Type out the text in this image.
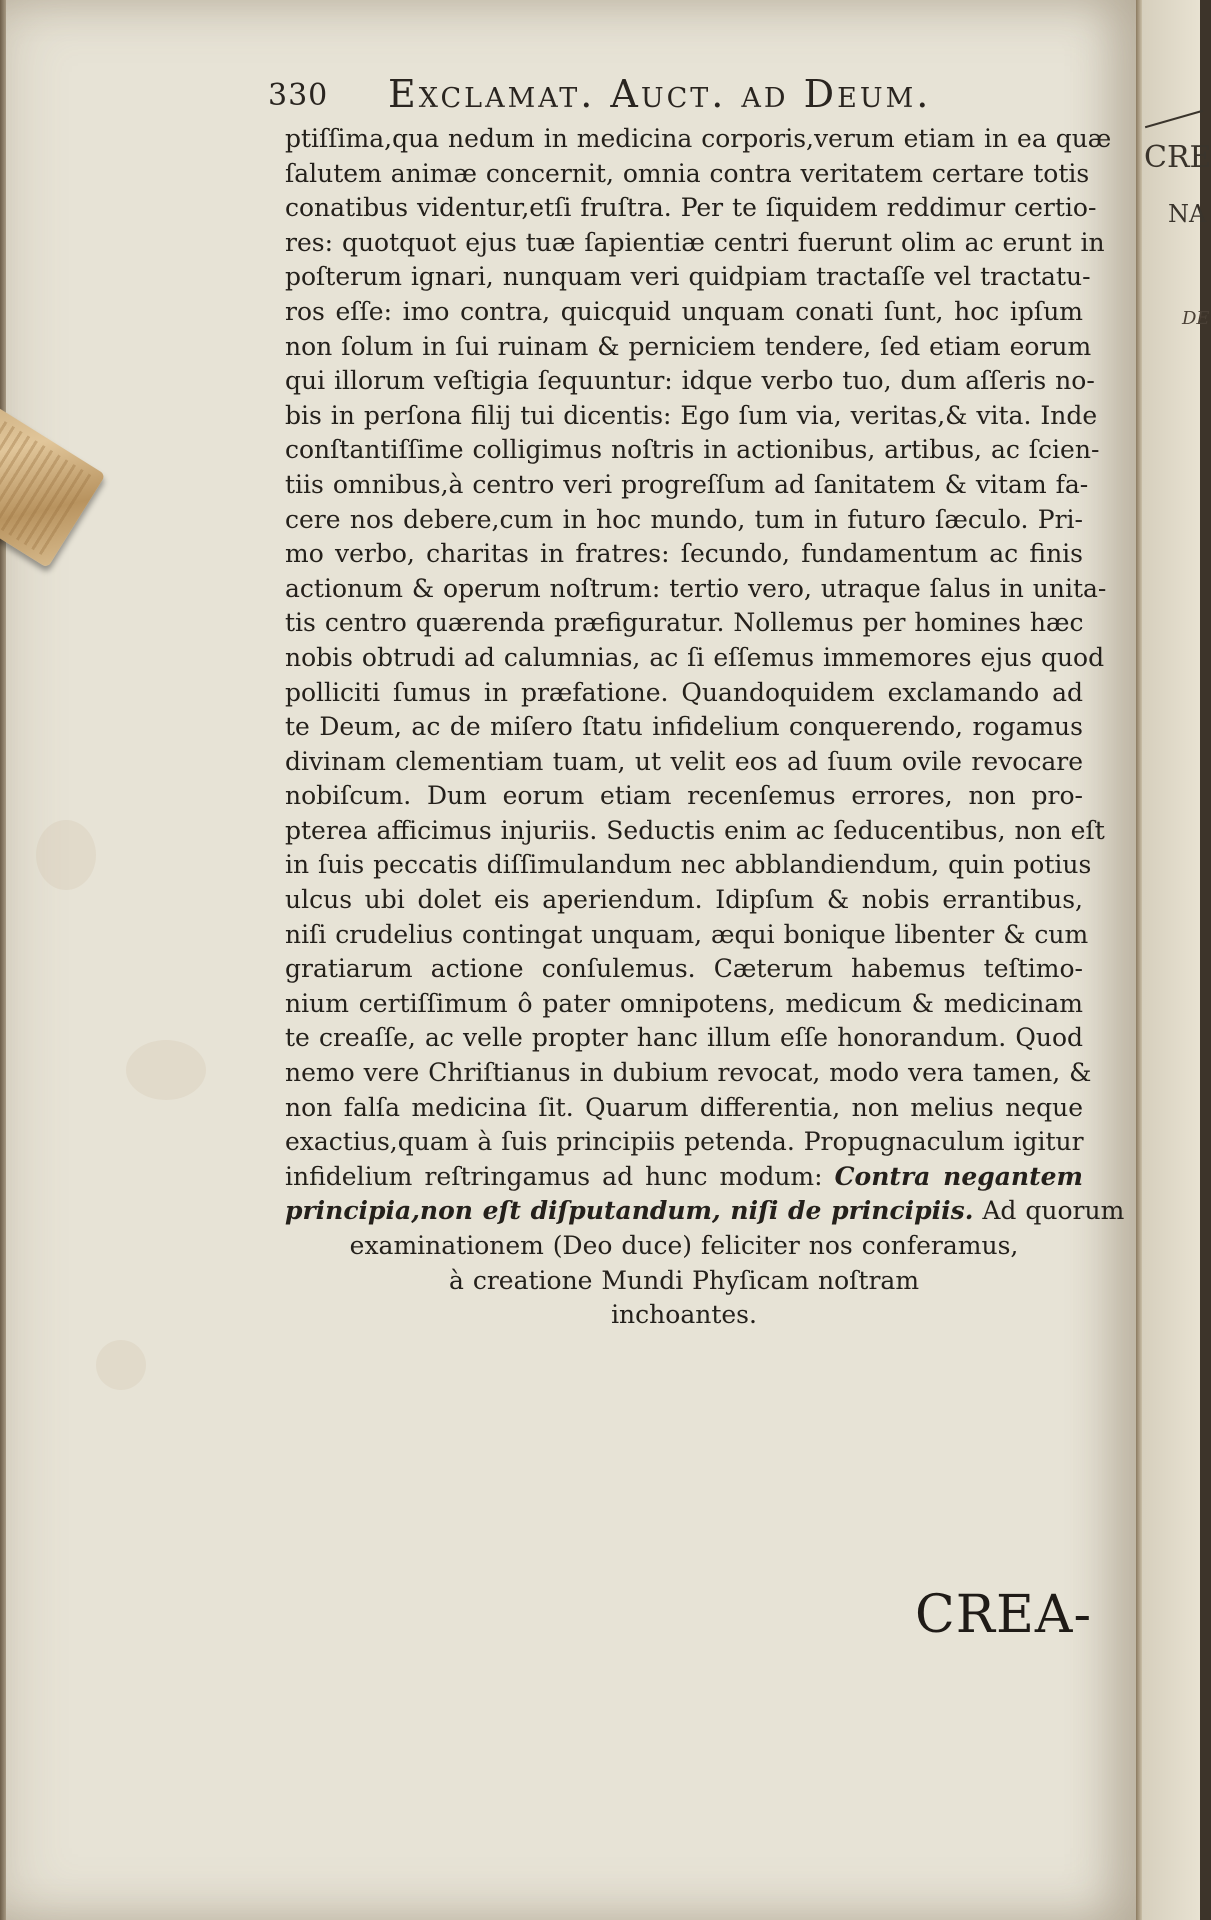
CRE
NA
DE
330 Exclamat. Auct. ad Deum.
ptiſſima,qua nedum in medicina corporis,verum etiam in ea quæ
ſalutem animæ concernit, omnia contra veritatem certare totis
conatibus videntur,etſi fruſtra. Per te ſiquidem reddimur certio-
res: quotquot ejus tuæ ſapientiæ centri fuerunt olim ac erunt in
poſterum ignari, nunquam veri quidpiam tractaſſe vel tractatu-
ros eſſe: imo contra, quicquid unquam conati ſunt, hoc ipſum
non ſolum in ſui ruinam & perniciem tendere, ſed etiam eorum
qui illorum veſtigia ſequuntur: idque verbo tuo, dum aſſeris no-
bis in perſona filij tui dicentis: Ego ſum via, veritas,& vita. Inde
conſtantiſſime colligimus noſtris in actionibus, artibus, ac ſcien-
tiis omnibus,à centro veri progreſſum ad ſanitatem & vitam fa-
cere nos debere,cum in hoc mundo, tum in futuro ſæculo. Pri-
mo verbo, charitas in fratres: ſecundo, fundamentum ac finis
actionum & operum noſtrum: tertio vero, utraque ſalus in unita-
tis centro quærenda præfiguratur. Nollemus per homines hæc
nobis obtrudi ad calumnias, ac ſi eſſemus immemores ejus quod
polliciti ſumus in præfatione. Quandoquidem exclamando ad
te Deum, ac de miſero ſtatu infidelium conquerendo, rogamus
divinam clementiam tuam, ut velit eos ad ſuum ovile revocare
nobiſcum. Dum eorum etiam recenſemus errores, non pro-
pterea afficimus injuriis. Seductis enim ac ſeducentibus, non eſt
in ſuis peccatis diſſimulandum nec abblandiendum, quin potius
ulcus ubi dolet eis aperiendum. Idipſum & nobis errantibus,
niſi crudelius contingat unquam, æqui bonique libenter & cum
gratiarum actione conſulemus. Cæterum habemus teſtimo-
nium certiſſimum ô pater omnipotens, medicum & medicinam
te creaſſe, ac velle propter hanc illum eſſe honorandum. Quod
nemo vere Chriſtianus in dubium revocat, modo vera tamen, &
non falſa medicina ſit. Quarum differentia, non melius neque
exactius,quam à ſuis principiis petenda. Propugnaculum igitur
infidelium reſtringamus ad hunc modum: Contra negantem
principia,non eſt diſputandum, niſi de principiis. Ad quorum
examinationem (Deo duce) feliciter nos conferamus,
à creatione Mundi Phyſicam noſtram
inchoantes.
CREA-
